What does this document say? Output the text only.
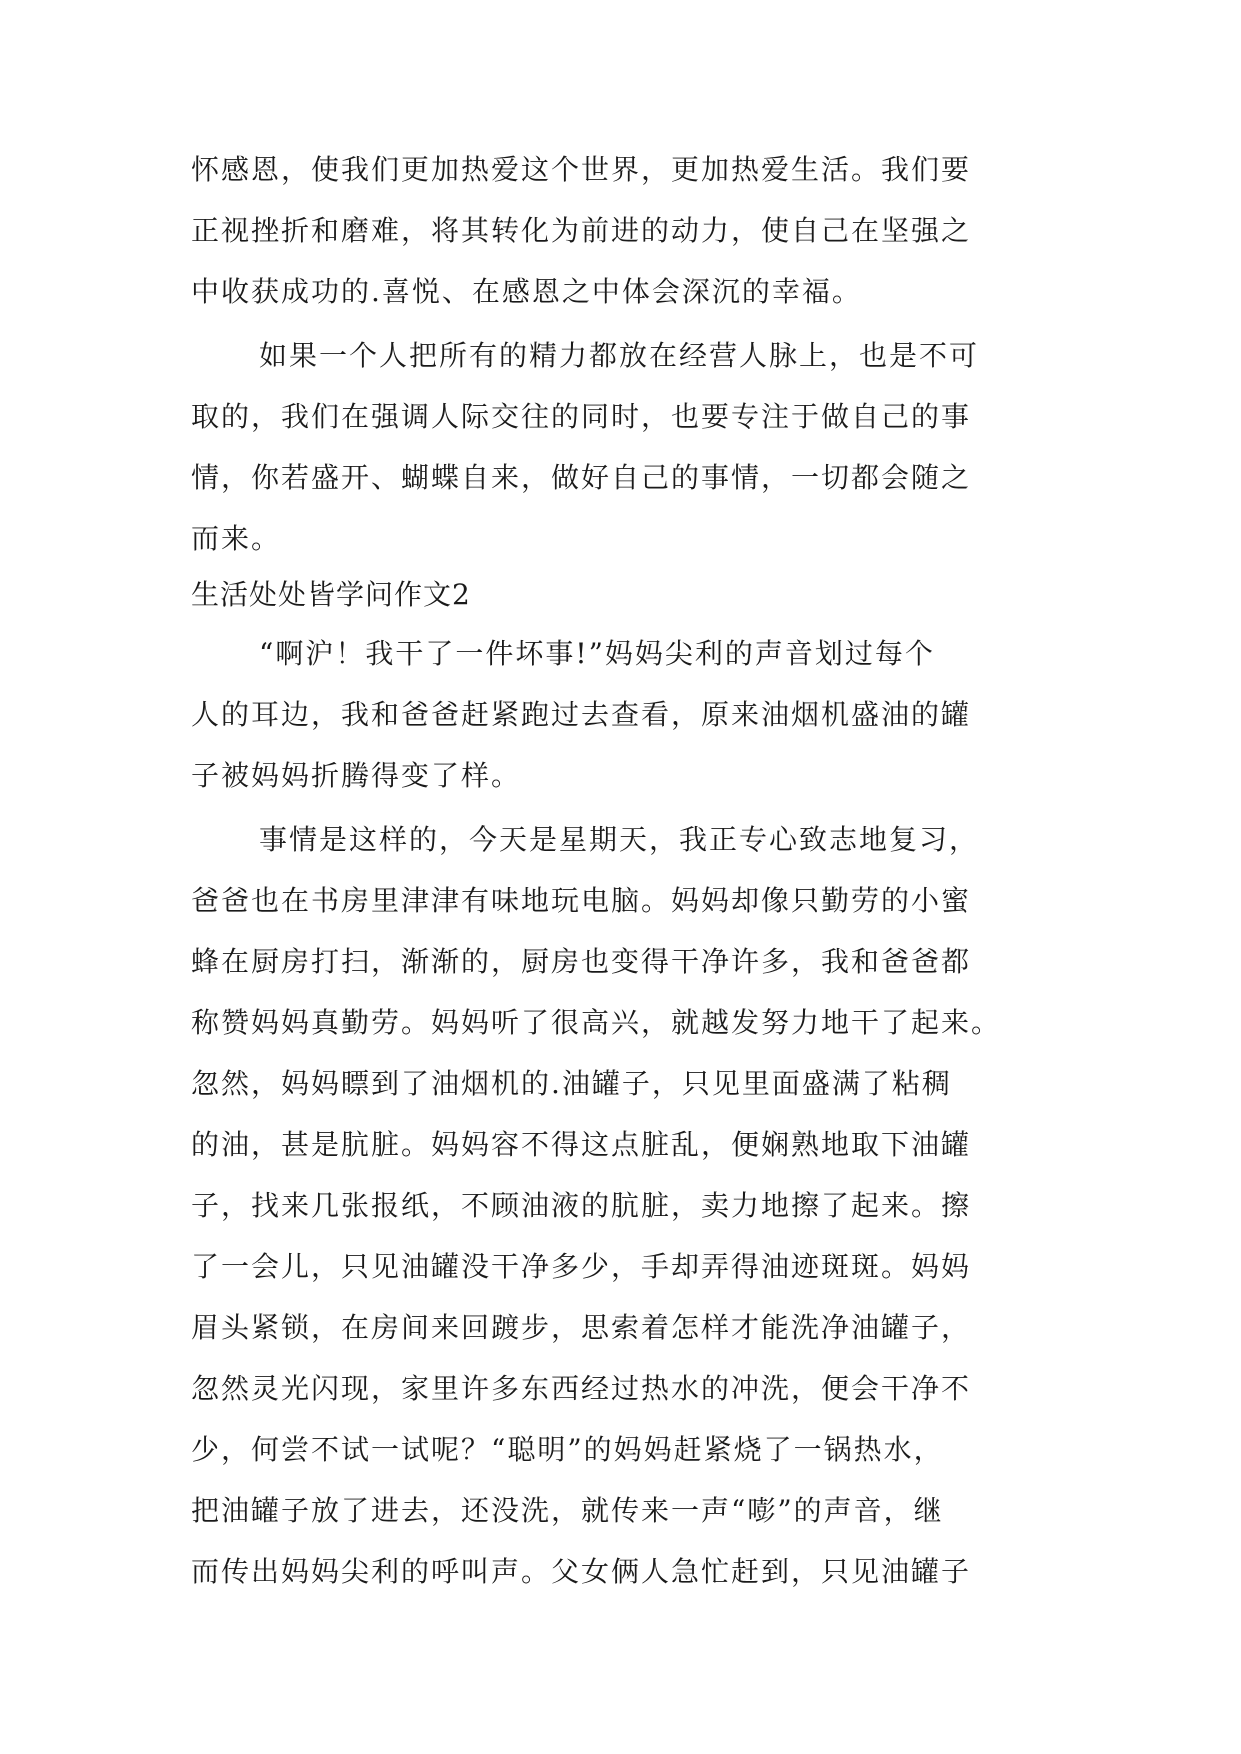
怀感恩，使我们更加热爱这个世界，更加热爱生活。我们要
正视挫折和磨难，将其转化为前进的动力，使自己在坚强之
中收获成功的.喜悦、在感恩之中体会深沉的幸福。
如果一个人把所有的精力都放在经营人脉上，也是不可
取的，我们在强调人际交往的同时，也要专注于做自己的事
情，你若盛开、蝴蝶自来，做好自己的事情，一切都会随之
而来。
生活处处皆学问作文2
“啊沪！我干了一件坏事!”妈妈尖利的声音划过每个
人的耳边，我和爸爸赶紧跑过去查看，原来油烟机盛油的罐
子被妈妈折腾得变了样。
事情是这样的，今天是星期天，我正专心致志地复习，
爸爸也在书房里津津有味地玩电脑。妈妈却像只勤劳的小蜜
蜂在厨房打扫，渐渐的，厨房也变得干净许多，我和爸爸都
称赞妈妈真勤劳。妈妈听了很高兴，就越发努力地干了起来。
忽然，妈妈瞟到了油烟机的.油罐子，只见里面盛满了粘稠
的油，甚是肮脏。妈妈容不得这点脏乱，便娴熟地取下油罐
子，找来几张报纸，不顾油液的肮脏，卖力地擦了起来。擦
了一会儿，只见油罐没干净多少，手却弄得油迹斑斑。妈妈
眉头紧锁，在房间来回踱步，思索着怎样才能洗净油罐子，
忽然灵光闪现，家里许多东西经过热水的冲洗，便会干净不
少，何尝不试一试呢？“聪明”的妈妈赶紧烧了一锅热水，
把油罐子放了进去，还没洗，就传来一声“嘭”的声音，继
而传出妈妈尖利的呼叫声。父女俩人急忙赶到，只见油罐子
